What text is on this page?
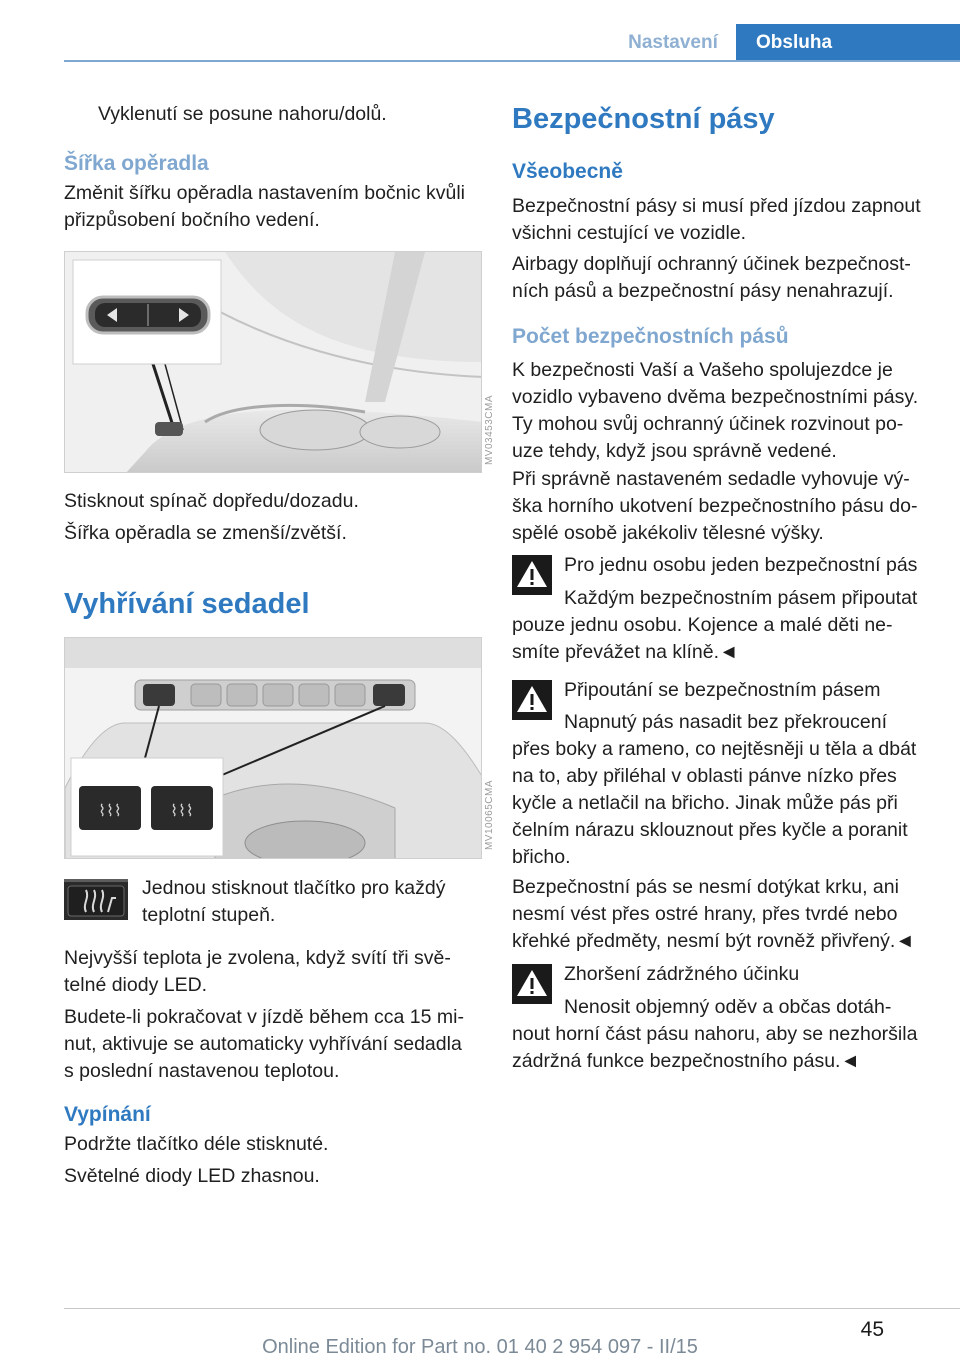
Nastavení	Obsluha
Vyklenutí se posune nahoru/dolů.
Šířka opěradla
Změnit šířku opěradla nastavením bočnic kvůli
přizpůsobení bočního vedení.
MV03453CMA
Stisknout spínač dopředu/dozadu.
Šířka opěradla se zmenší/zvětší.
Vyhřívání sedadel
⌇⌇⌇	⌇⌇⌇	MV10065CMA
Jednou stisknout tlačítko pro každý
teplotní stupeň.
Nejvyšší teplota je zvolena, když svítí tři svě‐
telné diody LED.
Budete-li pokračovat v jízdě během cca 15 mi‐
nut, aktivuje se automaticky vyhřívání sedadla
s poslední nastavenou teplotou.
Vypínání
Podržte tlačítko déle stisknuté.
Světelné diody LED zhasnou.
Bezpečnostní pásy
Všeobecně
Bezpečnostní pásy si musí před jízdou zapnout
všichni cestující ve vozidle.
Airbagy doplňují ochranný účinek bezpečnost‐
ních pásů a bezpečnostní pásy nenahrazují.
Počet bezpečnostních pásů
K bezpečnosti Vaší a Vašeho spolujezdce je
vozidlo vybaveno dvěma bezpečnostními pásy.
Ty mohou svůj ochranný účinek rozvinout po‐
uze tehdy, když jsou správně vedené.
Při správně nastaveném sedadle vyhovuje vý‐
ška horního ukotvení bezpečnostního pásu do‐
spělé osobě jakékoliv tělesné výšky.
Pro jednu osobu jeden bezpečnostní pás
Každým bezpečnostním pásem připoutat
pouze jednu osobu. Kojence a malé děti ne‐
smíte převážet na klíně.◄
Připoutání se bezpečnostním pásem
Napnutý pás nasadit bez překroucení
přes boky a rameno, co nejtěsněji u těla a dbát
na to, aby přiléhal v oblasti pánve nízko přes
kyčle a netlačil na břicho. Jinak může pás při
čelním nárazu sklouznout přes kyčle a poranit
břicho.
Bezpečnostní pás se nesmí dotýkat krku, ani
nesmí vést přes ostré hrany, přes tvrdé nebo
křehké předměty, nesmí být rovněž přivřený.◄
Zhoršení zádržného účinku
Nenosit objemný oděv a občas dotáh‐
nout horní část pásu nahoru, aby se nezhoršila
zádržná funkce bezpečnostního pásu.◄
45
Online Edition for Part no. 01 40 2 954 097 - II/15
